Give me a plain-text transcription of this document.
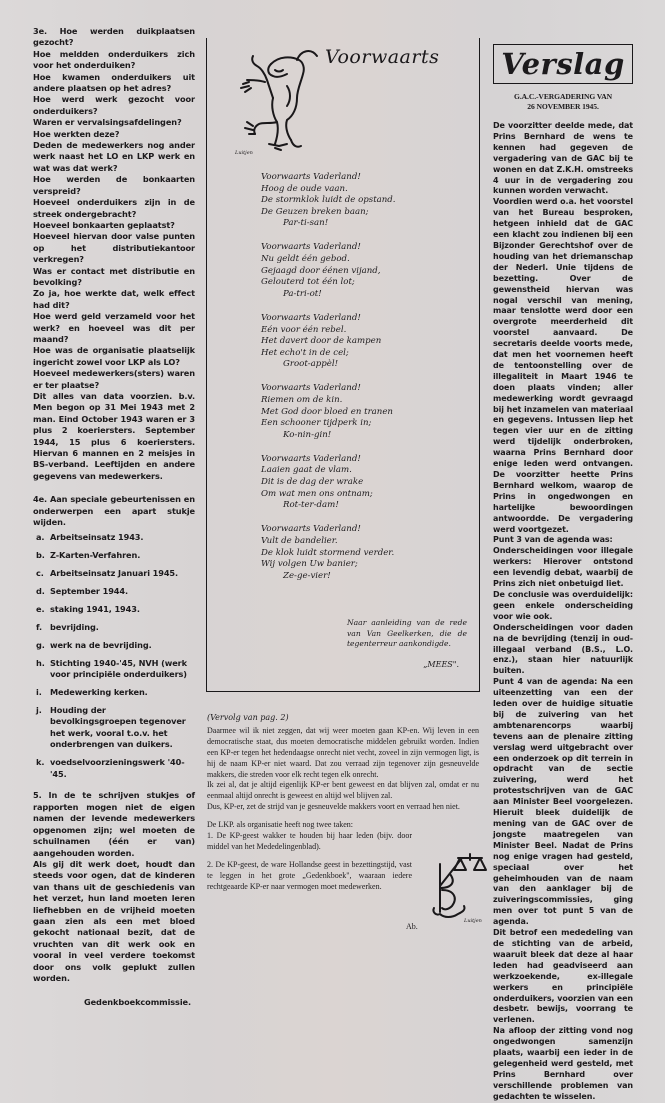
3e. Hoe werden duikplaatsen gezocht?

Hoe meldden onderduikers zich voor het onderduiken?

Hoe kwamen onderduikers uit andere plaatsen op het adres?

Hoe werd werk gezocht voor onderduikers?

Waren er vervalsingsafdelingen?

Hoe werkten deze?

Deden de medewerkers nog ander werk naast het LO en LKP werk en wat was dat werk?

Hoe werden de bonkaarten verspreid?

Hoeveel onderduikers zijn in de streek ondergebracht?

Hoeveel bonkaarten geplaatst?

Hoeveel hiervan door valse punten op het distributiekantoor verkregen?

Was er contact met distributie en bevolking?

Zo ja, hoe werkte dat, welk effect had dit?

Hoe werd geld verzameld voor het werk? en hoeveel was dit per maand?

Hoe was de organisatie plaatselijk ingericht zowel voor LKP als LO?

Hoeveel medewerkers(sters) waren er ter plaatse?

Dit alles van data voorzien. b.v. Men begon op 31 Mei 1943 met 2 man. Eind October 1943 waren er 3 plus 2 koeriersters. September 1944, 15 plus 6 koeriersters. Hiervan 6 mannen en 2 meisjes in BS-verband. Leeftijden en andere gegevens van medewerkers.

4e. Aan speciale gebeurtenissen en onderwerpen een apart stukje wijden.

a. Arbeitseinsatz 1943.
b. Z-Karten-Verfahren.
c. Arbeitseinsatz Januari 1945.
d. September 1944.
e. staking 1941, 1943.
f. bevrijding.
g. werk na de bevrijding.
h. Stichting 1940-'45, NVH (werk voor principiële onderduikers)
i.	Medewerking kerken.
j.	Houding der bevolkingsgroepen tegenover het werk, vooral t.o.v. het onderbrengen van duikers.
k. voedselvoorzieningswerk '40-'45.

5. In de te schrijven stukjes of rapporten mogen niet de eigen namen der levende medewerkers opgenomen zijn; wel moeten de schuilnamen (één er van) aangehouden worden.

Als gij dit werk doet, houdt dan steeds voor ogen, dat de kinderen van thans uit de geschiedenis van het verzet, hun land moeten leren liefhebben en de vrijheid moeten gaan zien als een met bloed gekocht nationaal bezit, dat de vruchten van dit werk ook en vooral in veel verdere toekomst door ons volk geplukt zullen worden.

Gedenkboekcommissie.
Luitjen
Voorwaarts
Voorwaarts Vaderland!
Hoog de oude vaan.
De stormklok luidt de opstand.
De Geuzen breken baan;
Par-ti-san!
Voorwaarts Vaderland!
Nu geldt één gebod.
Gejaagd door éénen vijand,
Gelouterd tot één lot;
Pa-tri-ot!
Voorwaarts Vaderland!
Eén voor één rebel.
Het davert door de kampen
Het echo't in de cel;
Groot-appèl!
Voorwaarts Vaderland!
Riemen om de kin.
Met God door bloed en tranen
Een schooner tijdperk in;
Ko-nin-gin!
Voorwaarts Vaderland!
Laaien gaat de vlam.
Dit is de dag der wrake
Om wat men ons ontnam;
Rot-ter-dam!
Voorwaarts Vaderland!
Vult de bandelier.
De klok luidt stormend verder.
Wij volgen Uw banier;
Ze-ge-vier!
Naar aanleiding van de rede van Van Geelkerken, die de tegenterreur aankondigde.
„MEES".
(Vervolg van pag. 2)

Daarmee wil ik niet zeggen, dat wij weer moeten gaan KP-en. Wij leven in een democratische staat, dus moeten democratische middelen gebruikt worden. Indien een KP-er tegen het hedendaagse onrecht niet vecht, zoveel in zijn vermogen ligt, is hij de naam KP-er niet waard. Dat zou verraad zijn tegenover zijn gesneuvelde makkers, die streden voor elk recht tegen elk onrecht.

Ik zei al, dat je altijd eigenlijk KP-er bent geweest en dat blijven zal, omdat er nu eenmaal altijd onrecht is geweest en altijd wel blijven zal.

Dus, KP-er, zet de strijd van je gesneuvelde makkers voort en verraad hen niet.

De LKP. als organisatie heeft nog twee taken:

1. De KP-geest wakker te houden bij haar leden (bijv. door middel van het Mededelingenblad).

2. De KP-geest, de ware Hollandse geest in bezettingstijd, vast te leggen in het grote „Gedenkboek", waaraan iedere rechtgeaarde KP-er naar vermogen moet medewerken.

Ab.
Luitjen
Verslag
G.A.C.-VERGADERING VAN
26 NOVEMBER 1945.

De voorzitter deelde mede, dat Prins Bernhard de wens te kennen had gegeven de vergadering van de GAC bij te wonen en dat Z.K.H. omstreeks 4 uur in de vergadering zou kunnen worden verwacht.

Voordien werd o.a. het voorstel van het Bureau besproken, hetgeen inhield dat de GAC een klacht zou indienen bij een Bijzonder Gerechtshof over de houding van het driemanschap der Nederl. Unie tijdens de bezetting. Over de gewenstheid hiervan was nogal verschil van mening, maar tenslotte werd door een overgrote meerderheid dit voorstel aanvaard. De secretaris deelde voorts mede, dat men het voornemen heeft de tentoonstelling over de illegaliteit in Maart 1946 te doen plaats vinden; aller medewerking wordt gevraagd bij het inzamelen van materiaal en gegevens. Intussen liep het tegen vier uur en de zitting werd tijdelijk onderbroken, waarna Prins Bernhard door enige leden werd ontvangen. De voorzitter heette Prins Bernhard welkom, waarop de Prins in ongedwongen en hartelijke bewoordingen antwoordde. De vergadering werd voortgezet.

Punt 3 van de agenda was:

Onderscheidingen voor illegale werkers: Hierover ontstond een levendig debat, waarbij de Prins zich niet onbetuigd liet.

De conclusie was overduidelijk: geen enkele onderscheiding voor wie ook.

Onderscheidingen voor daden na de bevrijding (tenzij in oud-illegaal verband (B.S., L.O. enz.), staan hier natuurlijk buiten.

Punt 4 van de agenda: Na een uiteenzetting van een der leden over de huidige situatie bij de zuivering van het ambtenarencorps waarbij tevens aan de plenaire zitting verslag werd uitgebracht over een onderzoek op dit terrein in opdracht van de sectie zuivering, werd het protestschrijven van de GAC aan Minister Beel voorgelezen. Hieruit bleek duidelijk de mening van de GAC over de jongste maatregelen van Minister Beel. Nadat de Prins nog enige vragen had gesteld, speciaal over het geheimhouden van de naam van den aanklager bij de zuiveringscommissies, ging men over tot punt 5 van de agenda.

Dit betrof een mededeling van de stichting van de arbeid, waaruit bleek dat deze al haar leden had geadviseerd aan werkzoekende, ex-illegale werkers en principiële onderduikers, voorzien van een desbetr. bewijs, voorrang te verlenen.

Na afloop der zitting vond nog ongedwongen samenzijn plaats, waarbij een ieder in de gelegenheid werd gesteld, met Prins Bernhard over verschillende problemen van gedachten te wisselen.
